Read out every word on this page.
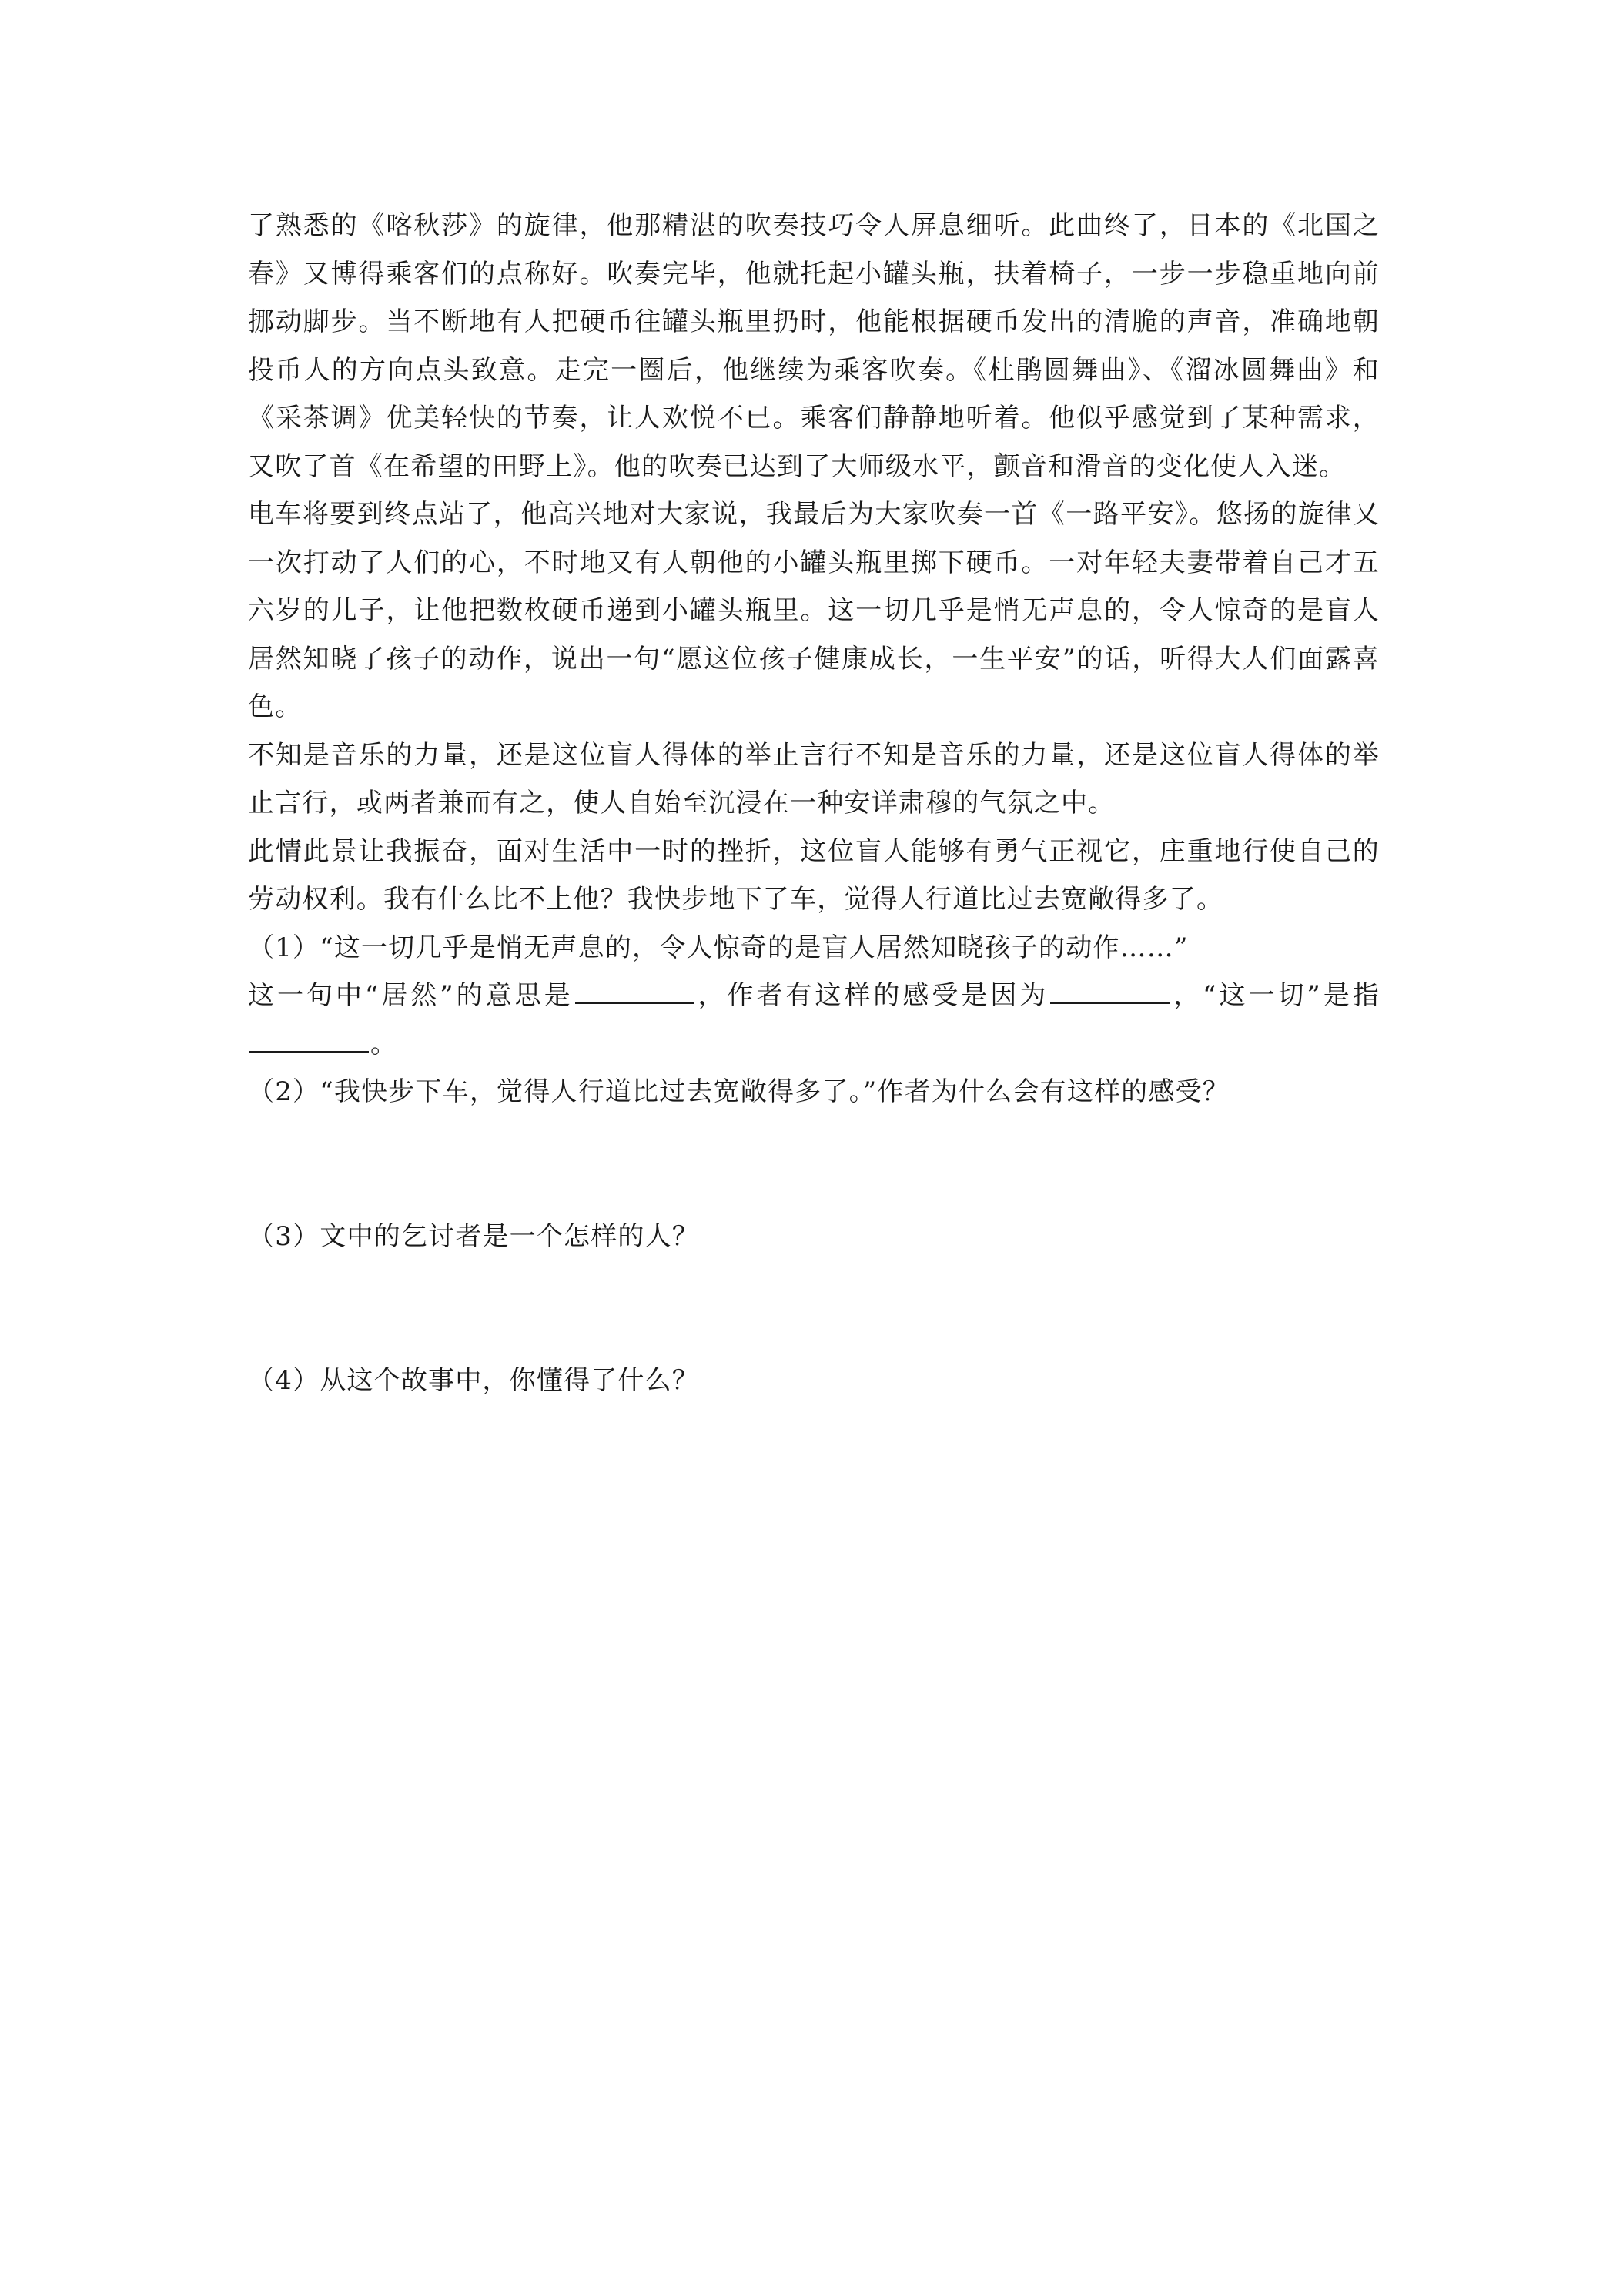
了熟悉的《喀秋莎》的旋律，他那精湛的吹奏技巧令人屏息细听。此曲终了，日本的《北国之春》又博得乘客们的点称好。吹奏完毕，他就托起小罐头瓶，扶着椅子，一步一步稳重地向前挪动脚步。当不断地有人把硬币往罐头瓶里扔时，他能根据硬币发出的清脆的声音，准确地朝投币人的方向点头致意。走完一圈后，他继续为乘客吹奏。《杜鹃圆舞曲》、《溜冰圆舞曲》和《采茶调》优美轻快的节奏，让人欢悦不已。乘客们静静地听着。他似乎感觉到了某种需求，又吹了首《在希望的田野上》。他的吹奏已达到了大师级水平，颤音和滑音的变化使人入迷。

电车将要到终点站了，他高兴地对大家说，我最后为大家吹奏一首《一路平安》。悠扬的旋律又一次打动了人们的心，不时地又有人朝他的小罐头瓶里掷下硬币。一对年轻夫妻带着自己才五六岁的儿子，让他把数枚硬币递到小罐头瓶里。这一切几乎是悄无声息的，令人惊奇的是盲人居然知晓了孩子的动作，说出一句“愿这位孩子健康成长，一生平安”的话，听得大人们面露喜色。

不知是音乐的力量，还是这位盲人得体的举止言行不知是音乐的力量，还是这位盲人得体的举止言行，或两者兼而有之，使人自始至沉浸在一种安详肃穆的气氛之中。

此情此景让我振奋，面对生活中一时的挫折，这位盲人能够有勇气正视它，庄重地行使自己的劳动权利。我有什么比不上他？我快步地下了车，觉得人行道比过去宽敞得多了。

（1）“这一切几乎是悄无声息的，令人惊奇的是盲人居然知晓孩子的动作……”

这一句中“居然”的意思是	，作者有这样的感受是因为	，“这一切”是指。

（2）“我快步下车，觉得人行道比过去宽敞得多了。”作者为什么会有这样的感受？

（3）文中的乞讨者是一个怎样的人？

（4）从这个故事中，你懂得了什么？
